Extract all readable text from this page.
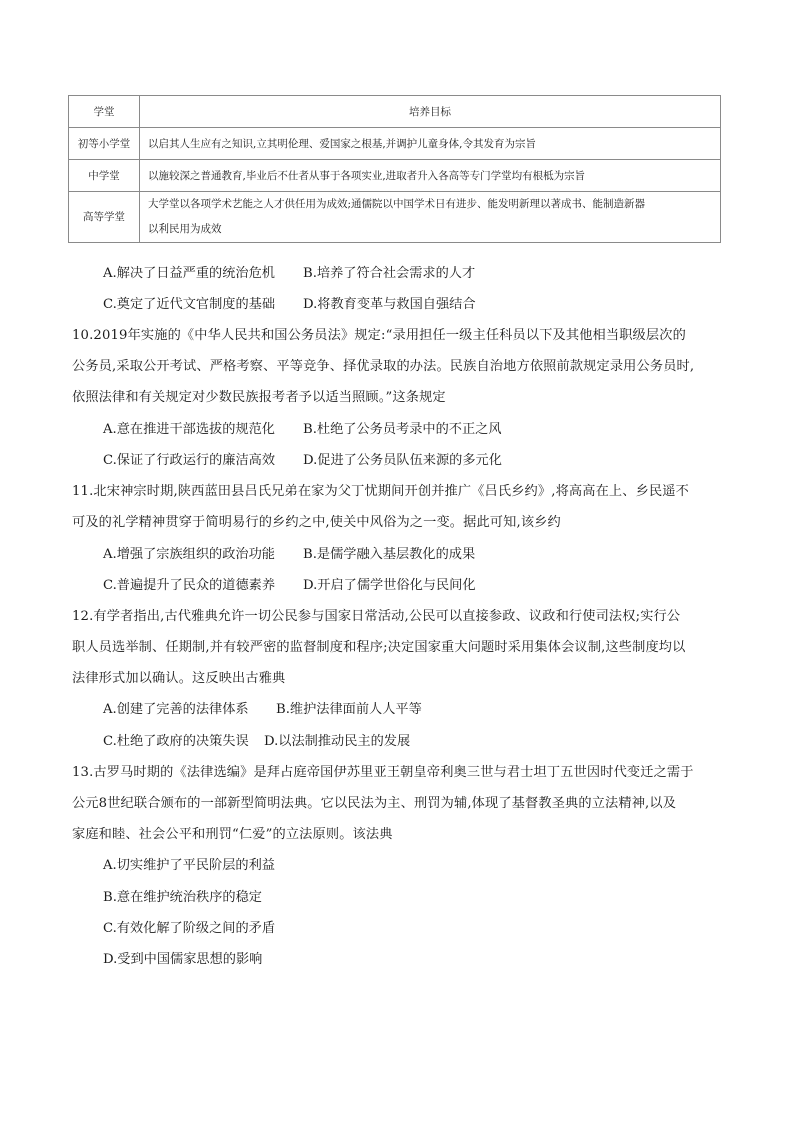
学堂	培养目标
初等小学堂	以启其人生应有之知识,立其明伦理、爱国家之根基,并调护儿童身体,令其发育为宗旨
中学堂	以施较深之普通教育,毕业后不仕者从事于各项实业,进取者升入各高等专门学堂均有根柢为宗旨
高等学堂	大学堂以各项学术艺能之人才供任用为成效;通儒院以中国学术日有进步、能发明新理以著成书、能制造新器
以利民用为成效
A.解决了日益严重的统治危机 B.培养了符合社会需求的人才
C.奠定了近代文官制度的基础 D.将教育变革与救国自强结合
10.2019年实施的《中华人民共和国公务员法》规定:“录用担任一级主任科员以下及其他相当职级层次的
公务员,采取公开考试、严格考察、平等竞争、择优录取的办法。民族自治地方依照前款规定录用公务员时,
依照法律和有关规定对少数民族报考者予以适当照顾。”这条规定
A.意在推进干部选拔的规范化 B.杜绝了公务员考录中的不正之风
C.保证了行政运行的廉洁高效 D.促进了公务员队伍来源的多元化
11.北宋神宗时期,陕西蓝田县吕氏兄弟在家为父丁忧期间开创并推广《吕氏乡约》,将高高在上、乡民遥不
可及的礼学精神贯穿于简明易行的乡约之中,使关中风俗为之一变。据此可知,该乡约
A.增强了宗族组织的政治功能 B.是儒学融入基层教化的成果
C.普遍提升了民众的道德素养 D.开启了儒学世俗化与民间化
12.有学者指出,古代雅典允许一切公民参与国家日常活动,公民可以直接参政、议政和行使司法权;实行公
职人员选举制、任期制,并有较严密的监督制度和程序;决定国家重大问题时采用集体会议制,这些制度均以
法律形式加以确认。这反映出古雅典
A.创建了完善的法律体系 B.维护法律面前人人平等
C.杜绝了政府的决策失误 D.以法制推动民主的发展
13.古罗马时期的《法律选编》是拜占庭帝国伊苏里亚王朝皇帝利奥三世与君士坦丁五世因时代变迁之需于
公元8世纪联合颁布的一部新型简明法典。它以民法为主、刑罚为辅,体现了基督教圣典的立法精神,以及
家庭和睦、社会公平和刑罚“仁爱”的立法原则。该法典
A.切实维护了平民阶层的利益
B.意在维护统治秩序的稳定
C.有效化解了阶级之间的矛盾
D.受到中国儒家思想的影响
